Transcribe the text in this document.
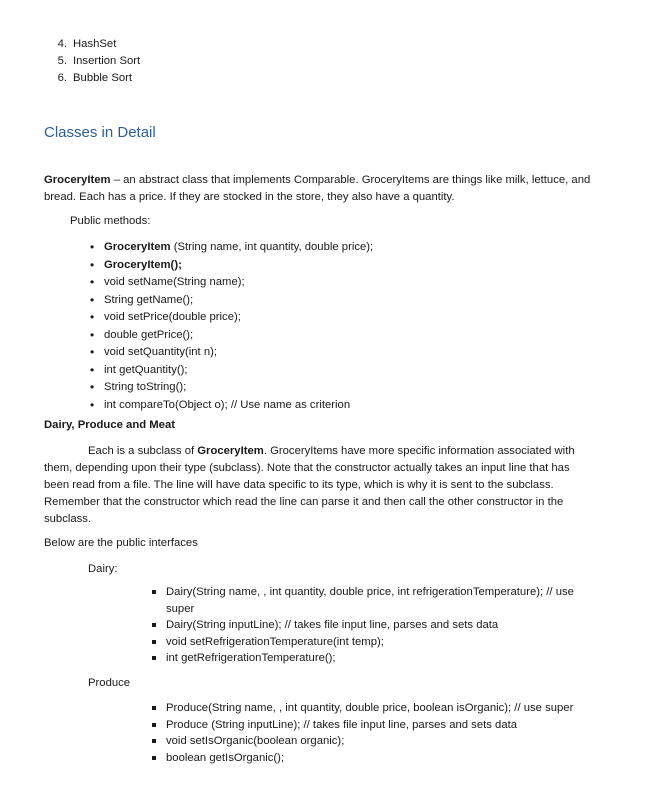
4. HashSet
5. Insertion Sort
6. Bubble Sort
Classes in Detail
GroceryItem – an abstract class that implements Comparable. GroceryItems are things like milk, lettuce, and
bread. Each has a price. If they are stocked in the store, they also have a quantity.
Public methods:
• GroceryItem (String name, int quantity, double price);
• GroceryItem();
• void setName(String name);
• String getName();
• void setPrice(double price);
• double getPrice();
• void setQuantity(int n);
• int getQuantity();
• String toString();
• int compareTo(Object o); // Use name as criterion
Dairy, Produce and Meat
Each is a subclass of GroceryItem. GroceryItems have more specific information associated with
them, depending upon their type (subclass). Note that the constructor actually takes an input line that has
been read from a file. The line will have data specific to its type, which is why it is sent to the subclass.
Remember that the constructor which read the line can parse it and then call the other constructor in the
subclass.
Below are the public interfaces
Dairy:
Dairy(String name, , int quantity, double price, int refrigerationTemperature); // use
super
Dairy(String inputLine); // takes file input line, parses and sets data
void setRefrigerationTemperature(int temp);
int getRefrigerationTemperature();
Produce
Produce(String name, , int quantity, double price, boolean isOrganic); // use super
Produce (String inputLine); // takes file input line, parses and sets data
void setIsOrganic(boolean organic);
boolean getIsOrganic();
